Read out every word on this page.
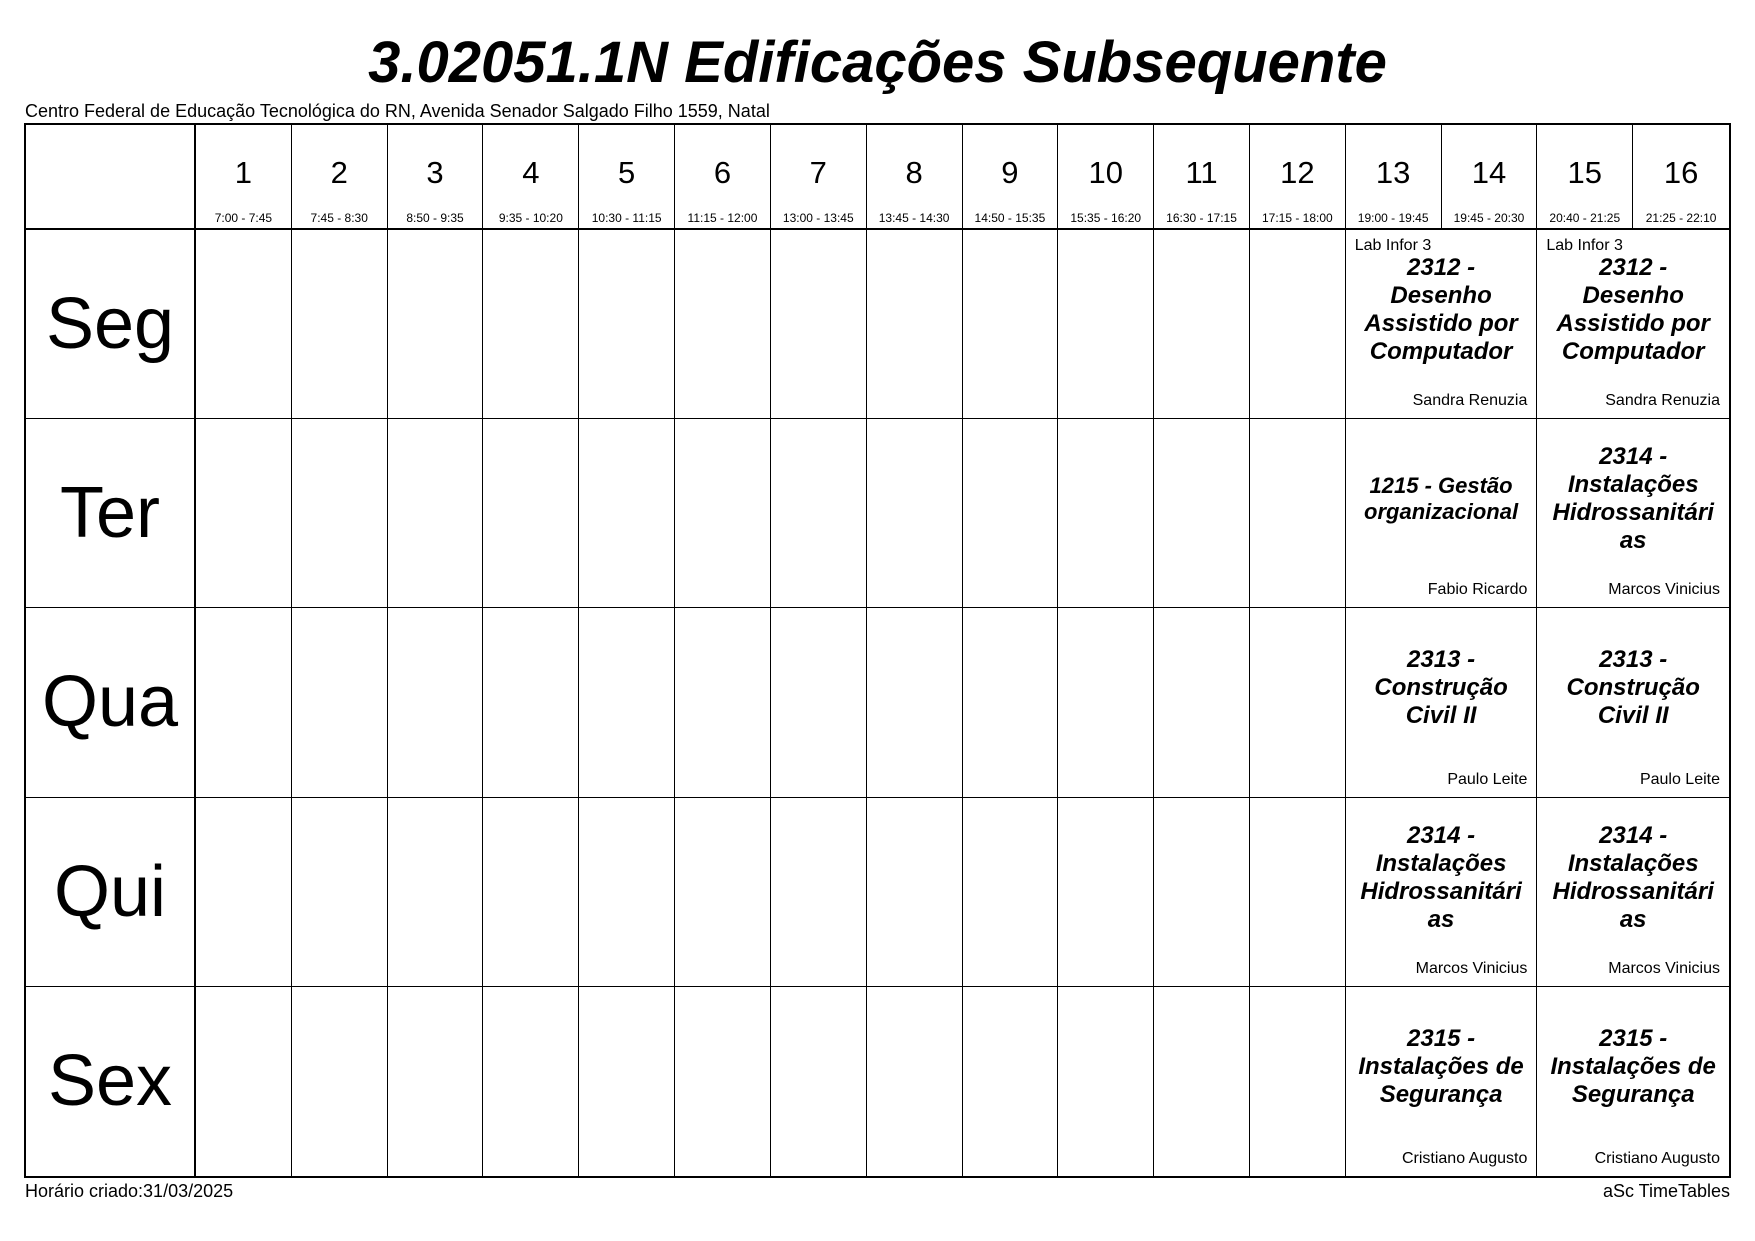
3.02051.1N Edificações Subsequente
Centro Federal de Educação Tecnológica do RN, Avenida Senador Salgado Filho 1559, Natal
1
7:00 - 7:45
2
7:45 - 8:30
3
8:50 - 9:35
4
9:35 - 10:20
5
10:30 - 11:15
6
11:15 - 12:00
7
13:00 - 13:45
8
13:45 - 14:30
9
14:50 - 15:35
10
15:35 - 16:20
11
16:30 - 17:15
12
17:15 - 18:00
13
19:00 - 19:45
14
19:45 - 20:30
15
20:40 - 21:25
16
21:25 - 22:10
Seg
Lab Infor 3
2312 - Desenho Assistido por Computador
Sandra Renuzia
Lab Infor 3
2312 - Desenho Assistido por Computador
Sandra Renuzia
Ter	1215 - Gestão organizacional
Fabio Ricardo
2314 - Instalações Hidrossanitári as
Marcos Vinicius
Qua
2313 - Construção Civil II
Paulo Leite
2313 - Construção Civil II
Paulo Leite
Qui
2314 - Instalações Hidrossanitári as
Marcos Vinicius
2314 - Instalações Hidrossanitári as
Marcos Vinicius
Sex
2315 - Instalações de Segurança
Cristiano Augusto
2315 - Instalações de Segurança
Cristiano Augusto
Horário criado:31/03/2025	aSc TimeTables
